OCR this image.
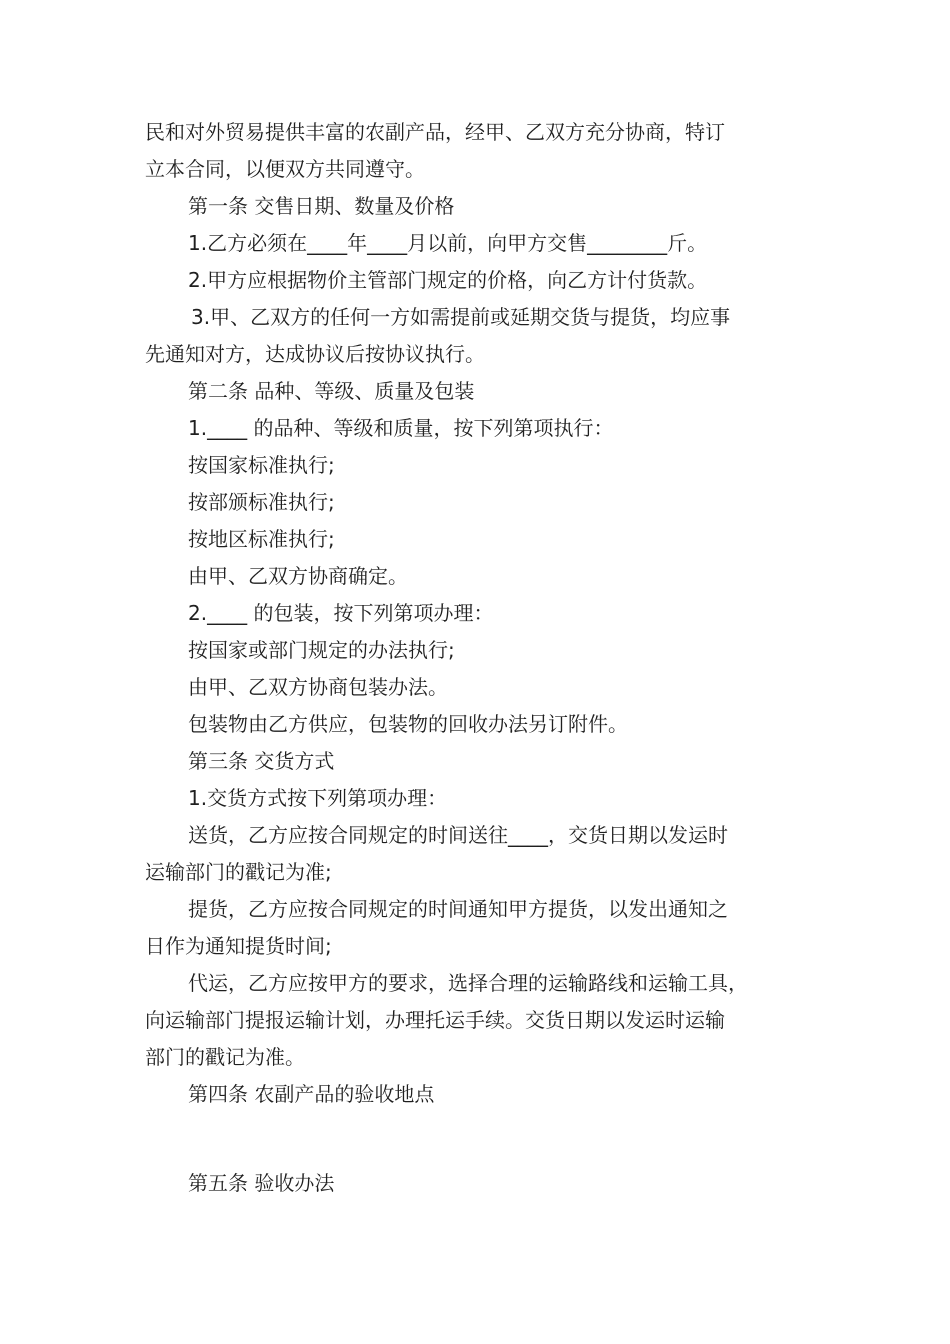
民和对外贸易提供丰富的农副产品，经甲、乙双方充分协商，特订

立本合同，以便双方共同遵守。

第一条 交售日期、数量及价格

1.乙方必须在____年____月以前，向甲方交售________斤。

2.甲方应根据物价主管部门规定的价格，向乙方计付货款。

3.甲、乙双方的任何一方如需提前或延期交货与提货，均应事

先通知对方，达成协议后按协议执行。

第二条 品种、等级、质量及包装

1.____ 的品种、等级和质量，按下列第项执行：

按国家标准执行;

按部颁标准执行;

按地区标准执行;

由甲、乙双方协商确定。

2.____ 的包装，按下列第项办理：

按国家或部门规定的办法执行;

由甲、乙双方协商包装办法。

包装物由乙方供应，包装物的回收办法另订附件。

第三条 交货方式

1.交货方式按下列第项办理：

送货，乙方应按合同规定的时间送往____，交货日期以发运时

运输部门的戳记为准;

提货，乙方应按合同规定的时间通知甲方提货，以发出通知之

日作为通知提货时间;

代运，乙方应按甲方的要求，选择合理的运输路线和运输工具，

向运输部门提报运输计划，办理托运手续。交货日期以发运时运输

部门的戳记为准。

第四条 农副产品的验收地点

第五条 验收办法
